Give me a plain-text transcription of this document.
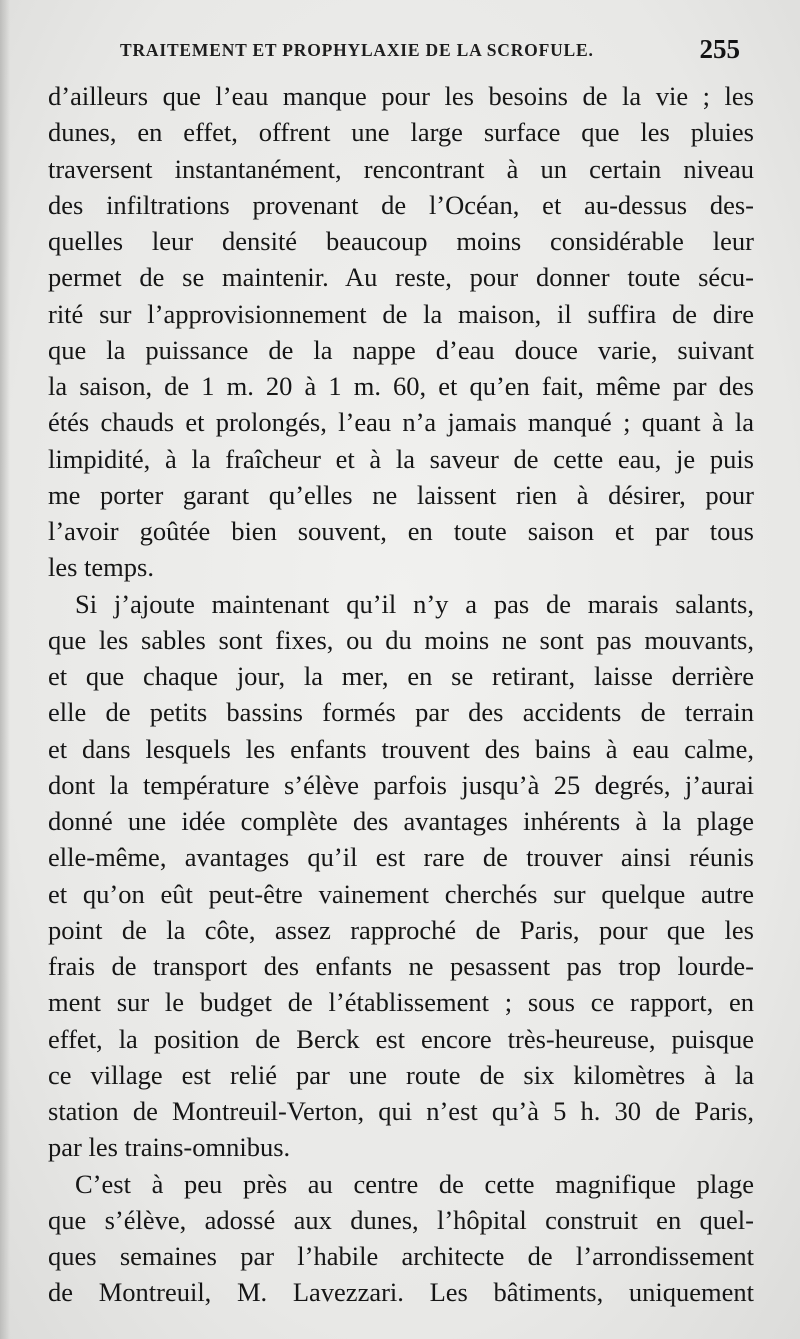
TRAITEMENT ET PROPHYLAXIE DE LA SCROFULE.	255
d’ailleurs que l’eau manque pour les besoins de la vie ; les
dunes, en effet, offrent une large surface que les pluies
traversent instantanément, rencontrant à un certain niveau
des infiltrations provenant de l’Océan, et au-dessus des-
quelles leur densité beaucoup moins considérable leur
permet de se maintenir. Au reste, pour donner toute sécu-
rité sur l’approvisionnement de la maison, il suffira de dire
que la puissance de la nappe d’eau douce varie, suivant
la saison, de 1 m. 20 à 1 m. 60, et qu’en fait, même par des
étés chauds et prolongés, l’eau n’a jamais manqué ; quant à la
limpidité, à la fraîcheur et à la saveur de cette eau, je puis
me porter garant qu’elles ne laissent rien à désirer, pour
l’avoir goûtée bien souvent, en toute saison et par tous
les temps.
Si j’ajoute maintenant qu’il n’y a pas de marais salants,
que les sables sont fixes, ou du moins ne sont pas mouvants,
et que chaque jour, la mer, en se retirant, laisse derrière
elle de petits bassins formés par des accidents de terrain
et dans lesquels les enfants trouvent des bains à eau calme,
dont la température s’élève parfois jusqu’à 25 degrés, j’aurai
donné une idée complète des avantages inhérents à la plage
elle-même, avantages qu’il est rare de trouver ainsi réunis
et qu’on eût peut-être vainement cherchés sur quelque autre
point de la côte, assez rapproché de Paris, pour que les
frais de transport des enfants ne pesassent pas trop lourde-
ment sur le budget de l’établissement ; sous ce rapport, en
effet, la position de Berck est encore très-heureuse, puisque
ce village est relié par une route de six kilomètres à la
station de Montreuil-Verton, qui n’est qu’à 5 h. 30 de Paris,
par les trains-omnibus.
C’est à peu près au centre de cette magnifique plage
que s’élève, adossé aux dunes, l’hôpital construit en quel-
ques semaines par l’habile architecte de l’arrondissement
de Montreuil, M. Lavezzari. Les bâtiments, uniquement
